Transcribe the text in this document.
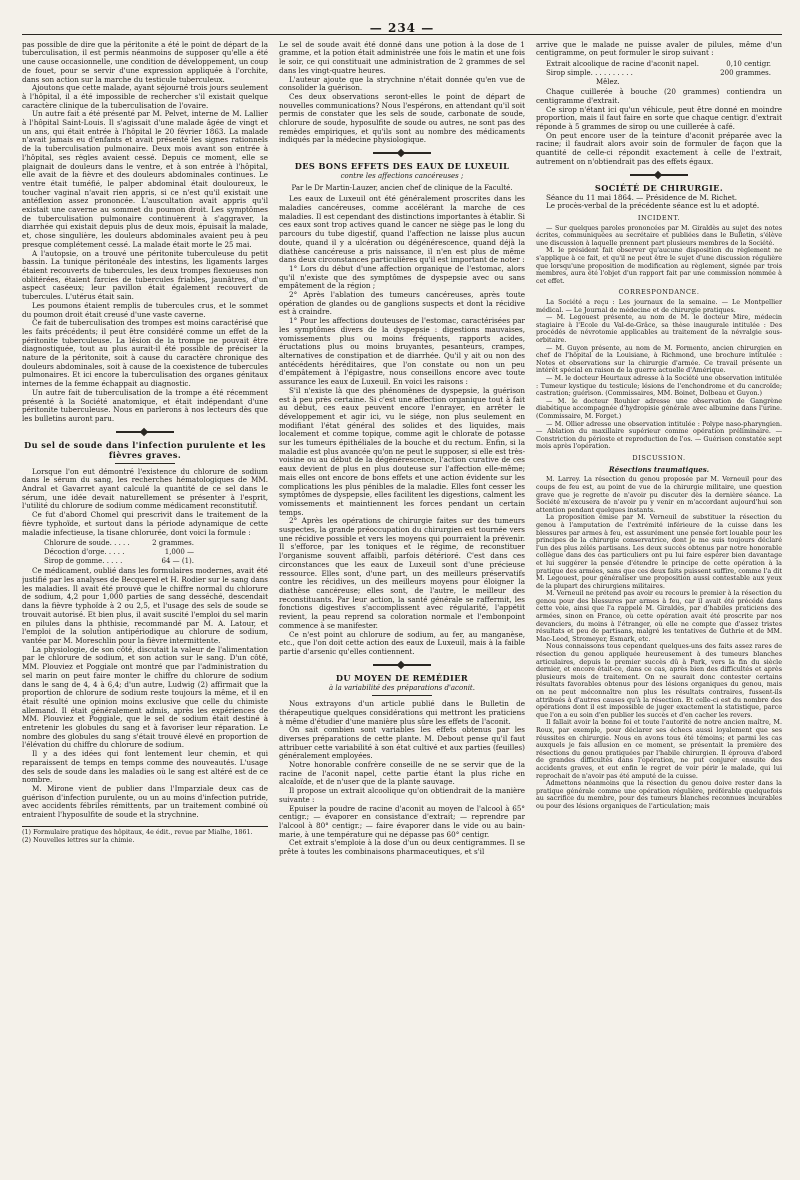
— 234 —

pas possible de dire que la péritonite a été le point de départ de la tuberculisation, il est permis néanmoins de supposer qu'elle a été une cause occasionnelle, une condition de développement, un coup de fouet, pour se servir d'une expression appliquée à l'orchite, dans son action sur la marche du testicule tuberculeux.

Ajoutons que cette malade, ayant séjourné trois jours seulement à l'hôpital, il a été impossible de rechercher s'il existait quelque caractère clinique de la tuberculisation de l'ovaire.

Un autre fait a été présenté par M. Pelvet, interne de M. Lallier à l'hôpital Saint-Louis. Il s'agissait d'une malade âgée de vingt et un ans, qui était entrée à l'hôpital le 20 février 1863. La malade n'avait jamais eu d'enfants et avait présenté les signes rationnels de la tuberculisation pulmonaire. Deux mois avant son entrée à l'hôpital, ses règles avaient cessé. Depuis ce moment, elle se plaignait de douleurs dans le ventre, et à son entrée à l'hôpital, elle avait de la fièvre et des douleurs abdominales continues. Le ventre était tuméfié, le palper abdominal était douloureux, le toucher vaginal n'avait rien appris, si ce n'est qu'il existait une antéflexion assez prononcée. L'auscultation avait appris qu'il existait une caverne au sommet du poumon droit. Les symptômes de tuberculisation pulmonaire continuèrent à s'aggraver, la diarrhée qui existait depuis plus de deux mois, épuisait la malade, et, chose singulière, les douleurs abdominales avaient peu à peu presque complétement cessé. La malade était morte le 25 mai.

A l'autopsie, on a trouvé une péritonite tuberculeuse du petit bassin. La tunique péritonéale des intestins, les ligaments larges étaient recouverts de tubercules, les deux trompes flexueuses non oblitérées, étaient farcies de tubercules friables, jaunâtres, d'un aspect caséeux; leur pavillon était également recouvert de tubercules. L'utérus était sain.

Les poumons étaient remplis de tubercules crus, et le sommet du poumon droit était creusé d'une vaste caverne.

Ce fait de tuberculisation des trompes est moins caractérisé que les faits précédents; il peut être considéré comme un effet de la péritonite tuberculeuse. La lésion de la trompe ne pouvait être diagnostiquée, tout au plus aurait-il été possible de préciser la nature de la péritonite, soit à cause du caractère chronique des douleurs abdominales, soit à cause de la coexistence de tubercules pulmonaires. Et ici encore la tuberculisation des organes génitaux internes de la femme échappait au diagnostic.

Un autre fait de tuberculisation de la trompe a été récemment présenté à la Société anatomique, et était indépendant d'une péritonite tuberculeuse. Nous en parlerons à nos lecteurs dès que les bulletins auront paru.

Du sel de soude dans l'infection purulente et les fièvres graves.

Lorsque l'on eut démontré l'existence du chlorure de sodium dans le sérum du sang, les recherches hématologiques de MM. Andral et Gavarret ayant calculé la quantité de ce sel dans le sérum, une idée devait naturellement se présenter à l'esprit, l'utilité du chlorure de sodium comme médicament reconstitutif.

Ce fut d'abord Chomel qui prescrivit dans le traitement de la fièvre typhoïde, et surtout dans la période adynamique de cette maladie infectieuse, la tisane chlorurée, dont voici la formule :

Chlorure de soude. . . . .	2 grammes.
Décoction d'orge. . . . .	1,000 —
Sirop de gomme. . . . .	64 — (1).

Ce médicament, oublié dans les formulaires modernes, avait été justifié par les analyses de Becquerel et H. Rodier sur le sang dans les maladies. Il avait été prouvé que le chiffre normal du chlorure de sodium, 4,2 pour 1,000 parties de sang desséché, descendait dans la fièvre typhoïde à 2 ou 2,5, et l'usage des sels de soude se trouvait autorisé. Et bien plus, il avait suscité l'emploi du sel marin en pilules dans la phthisie, recommandé par M. A. Latour, et l'emploi de la solution antipériodique au chlorure de sodium, vantée par M. Moreschlin pour la fièvre intermittente.

La physiologie, de son côté, discutait la valeur de l'alimentation par le chlorure de sodium, et son action sur le sang. D'un côté, MM. Plouviez et Poggiale ont montré que par l'administration du sel marin on peut faire monter le chiffre du chlorure de sodium dans le sang de 4, 4 à 6,4; d'un autre, Ludwig (2) affirmait que la proportion de chlorure de sodium reste toujours la même, et il en était résulté une opinion moins exclusive que celle du chimiste allemand. Il était généralement admis, après les expériences de MM. Plouviez et Poggiale, que le sel de sodium était destiné à entretenir les globules du sang et à favoriser leur réparation. Le nombre des globules du sang s'était trouvé élevé en proportion de l'élévation du chiffre du chlorure de sodium.

Il y a des idées qui font lentement leur chemin, et qui reparaissent de temps en temps comme des nouveautés. L'usage des sels de soude dans les maladies où le sang est altéré est de ce nombre.

M. Mirone vient de publier dans l'Imparziale deux cas de guérison d'infection purulente, ou un au moins d'infection putride, avec accidents fébriles rémittents, par un traitement combiné où entraient l'hyposulfite de soude et la strychnine.

(1) Formulaire pratique des hôpitaux, 4e édit., revue par Mialhe, 1861.
(2) Nouvelles lettres sur la chimie.

Le sel de soude avait été donné dans une potion à la dose de 1 gramme, et la potion était administrée une fois le matin et une fois le soir, ce qui constituait une administration de 2 grammes de sel dans les vingt-quatre heures.

L'auteur ajoute que la strychnine n'était donnée qu'en vue de consolider la guérison.

Ces deux observations seront-elles le point de départ de nouvelles communications? Nous l'espérons, en attendant qu'il soit permis de constater que les sels de soude, carbonate de soude, chlorure de soude, hyposulfite de soude ou autres, ne sont pas des remèdes empiriques, et qu'ils sont au nombre des médicaments indiqués par la médecine physiologique.

DES BONS EFFETS DES EAUX DE LUXEUIL
contre les affections cancéreuses ;
Par le Dr Martin-Lauzer, ancien chef de clinique de la Faculté.

Les eaux de Luxeuil ont été généralement proscrites dans les maladies cancéreuses, comme accélérant la marche de ces maladies. Il est cependant des distinctions importantes à établir. Si ces eaux sont trop actives quand le cancer ne siège pas le long du parcours du tube digestif, quand l'affection ne laisse plus aucun doute, quand il y a ulcération ou dégénérescence, quand déjà la diathèse cancéreuse a pris naissance, il n'en est plus de même dans deux circonstances particulières qu'il est important de noter :

1° Lors du début d'une affection organique de l'estomac, alors qu'il n'existe que des symptômes de dyspepsie avec ou sans empâtement de la région ;

2° Après l'ablation des tumeurs cancéreuses, après toute opération de glandes ou de ganglions suspects et dont la récidive est à craindre.

1° Pour les affections douteuses de l'estomac, caractérisées par les symptômes divers de la dyspepsie : digestions mauvaises, vomissements plus ou moins fréquents, rapports acides, éructations plus ou moins bruyantes, pesanteurs, crampes, alternatives de constipation et de diarrhée. Qu'il y ait ou non des antécédents héréditaires, que l'on constate ou non un peu d'empâtement à l'épigastre, nous conseillons encore avec toute assurance les eaux de Luxeuil. En voici les raisons :

S'il n'existe là que des phénomènes de dyspepsie, la guérison est à peu près certaine. Si c'est une affection organique tout à fait au début, ces eaux peuvent encore l'enrayer, en arrêter le développement et agir ici, vu le siége, non plus seulement en modifiant l'état général des solides et des liquides, mais localement et comme topique, comme agit le chlorate de potasse sur les tumeurs épithéliales de la bouche et du rectum. Enfin, si la maladie est plus avancée qu'on ne peut le supposer, si elle est très-voisine ou au début de la dégénérescence, l'action curative de ces eaux devient de plus en plus douteuse sur l'affection elle-même; mais elles ont encore de bons effets et une action évidente sur les complications les plus pénibles de la maladie. Elles font cesser les symptômes de dyspepsie, elles facilitent les digestions, calment les vomissements et maintiennent les forces pendant un certain temps.

2° Après les opérations de chirurgie faites sur des tumeurs suspectes, la grande préoccupation du chirurgien est tournée vers une récidive possible et vers les moyens qui pourraient la prévenir. Il s'efforce, par les toniques et le régime, de reconstituer l'organisme souvent affaibli, parfois détérioré. C'est dans ces circonstances que les eaux de Luxeuil sont d'une précieuse ressource. Elles sont, d'une part, un des meilleurs préservatifs contre les récidives, un des meilleurs moyens pour éloigner la diathèse cancéreuse; elles sont, de l'autre, le meilleur des reconstituants. Par leur action, la santé générale se raffermit, les fonctions digestives s'accomplissent avec régularité, l'appétit revient, la peau reprend sa coloration normale et l'embonpoint commence à se manifester.

Ce n'est point au chlorure de sodium, au fer, au manganèse, etc., que l'on doit cette action des eaux de Luxeuil, mais à la faible partie d'arsenic qu'elles contiennent.

DU MOYEN DE REMÉDIER
à la variabilité des préparations d'aconit.

Nous extrayons d'un article publié dans le Bulletin de thérapeutique quelques considérations qui mettront les praticiens à même d'étudier d'une manière plus sûre les effets de l'aconit.

On sait combien sont variables les effets obtenus par les diverses préparations de cette plante. M. Debout pense qu'il faut attribuer cette variabilité à son état cultivé et aux parties (feuilles) généralement employées.

Notre honorable confrère conseille de ne se servir que de la racine de l'aconit napel, cette partie étant la plus riche en alcaloïde, et de n'user que de la plante sauvage.

Il propose un extrait alcoolique qu'on obtiendrait de la manière suivante :

Epuiser la poudre de racine d'aconit au moyen de l'alcool à 65° centigr.; — évaporer en consistance d'extrait; — reprendre par l'alcool à 80° centigr.; — faire évaporer dans le vide ou au bain-marie, à une température qui ne dépasse pas 60° centigr.

Cet extrait s'emploie à la dose d'un ou deux centigrammes. Il se prête à toutes les combinaisons pharmaceutiques, et s'il

arrive que le malade ne puisse avaler de pilules, même d'un centigramme, on peut formuler le sirop suivant :

Extrait alcoolique de racine d'aconit napel.	0,10 centigr.
Sirop simple. . . . . . . . . .	200 grammes.
Mêlez.

Chaque cuillerée à bouche (20 grammes) contiendra un centigramme d'extrait.

Ce sirop n'étant ici qu'un véhicule, peut être donné en moindre proportion, mais il faut faire en sorte que chaque centigr. d'extrait réponde à 5 grammes de sirop ou une cuillerée à café.

On peut encore user de la teinture d'aconit préparée avec la racine; il faudrait alors avoir soin de formuler de façon que la quantité de celle-ci répondit exactement à celle de l'extrait, autrement on n'obtiendrait pas des effets égaux.

SOCIÉTÉ DE CHIRURGIE.

Séance du 11 mai 1864. — Présidence de M. Richet.

Le procès-verbal de la précédente séance est lu et adopté.

INCIDENT.

— Sur quelques paroles prononcées par M. Giraldès au sujet des notes écrites, communiquées au secrétaire et publiées dans le Bulletin, s'élève une discussion à laquelle prennent part plusieurs membres de la Société.

M. le président fait observer qu'aucune disposition du règlement ne s'applique à ce fait, et qu'il ne peut être le sujet d'une discussion régulière que lorsqu'une proposition de modification au règlement, signée par trois membres, aura été l'objet d'un rapport fait par une commission nommée à cet effet.

CORRESPONDANCE.

La Société a reçu : Les journaux de la semaine. — Le Montpellier médical. — Le Journal de médecine et de chirurgie pratiques.

— M. Legouest présente, au nom de M. le docteur Mire, médecin stagiaire à l'Ecole du Val-de-Grâce, sa thèse inaugurale intitulée : Des procédés de névrotomie applicables au traitement de la névralgie sous-orbitaire.

— M. Guyon présente, au nom de M. Formento, ancien chirurgien en chef de l'hôpital de la Louisiane, à Richmond, une brochure intitulée : Notes et observations sur la chirurgie d'armée. Ce travail présente un intérêt spécial en raison de la guerre actuelle d'Amérique.

— M. le docteur Heurtaux adresse à la Société une observation intitulée : Tumeur kystique du testicule; lésions de l'enchondrome et du cancroïde; castration; guérison. (Commissaires, MM. Boinet, Dolbeau et Guyon.)

— M. le docteur Rouhier adresse une observation de Gangrène diabétique accompagnée d'hydropisie générale avec albumine dans l'urine. (Commissaire, M. Forget.)

— M. Ollier adresse une observation intitulée : Polype naso-pharyngien. — Ablation du maxillaire supérieur comme opération préliminaire. — Constriction du périoste et reproduction de l'os. — Guérison constatée sept mois après l'opération.

DISCUSSION.
Résections traumatiques.

M. Larrey. La résection du genou proposée par M. Verneuil pour des coups de feu est, au point de vue de la chirurgie militaire, une question grave que je regrette de n'avoir pu discuter dès la dernière séance. La Société m'excusera de n'avoir pu y venir en m'accordant aujourd'hui son attention pendant quelques instants.

La proposition émise par M. Verneuil de substituer la résection du genou à l'amputation de l'extrémité inférieure de la cuisse dans les blessures par armes à feu, est assurément une pensée fort louable pour les principes de la chirurgie conservatrice, dont je me suis toujours déclaré l'un des plus zélés partisans. Les deux succès obtenus par notre honorable collègue dans des cas particuliers ont pu lui faire espérer bien davantage et lui suggérer la pensée d'étendre le principe de cette opération à la pratique des armées, sans que ces deux faits puissent suffire, comme l'a dit M. Legouest, pour généraliser une proposition aussi contestable aux yeux de la plupart des chirurgiens militaires.

M. Verneuil ne prétend pas avoir eu recours le premier à la résection du genou pour des blessures par armes à feu, car il avait été précédé dans cette voie, ainsi que l'a rappelé M. Giraldès, par d'habiles praticiens des armées, sinon en France, où cette opération avait été proscrite par nos devanciers, du moins à l'étranger, où elle ne compte que d'assez tristes résultats et peu de partisans, malgré les tentatives de Guthrie et de MM. Mac-Leod, Stromeyer, Esmark, etc.

Nous connaissons tous cependant quelques-uns des faits assez rares de résection du genou appliquée heureusement à des tumeurs blanches articulaires, depuis le premier succès dû à Park, vers la fin du siècle dernier, et encore était-ce, dans ce cas, après bien des difficultés et après plusieurs mois de traitement. On ne saurait donc contester certains résultats favorables obtenus pour des lésions organiques du genou, mais on ne peut méconnaître non plus les résultats contraires, fussent-ils attribués à d'autres causes qu'à la résection. Et celle-ci est du nombre des opérations dont il est impossible de juger exactement la statistique, parce que l'on a eu soin d'en publier les succès et d'en cacher les revers.

Il fallait avoir la bonne foi et toute l'autorité de notre ancien maître, M. Roux, par exemple, pour déclarer ses échecs aussi loyalement que ses réussites en chirurgie. Nous en avons tous été témoins; et parmi les cas auxquels je fais allusion en ce moment, se présentait la première des résections du genou pratiquées par l'habile chirurgien. Il éprouva d'abord de grandes difficultés dans l'opération, ne put conjurer ensuite des accidents graves, et eut enfin le regret de voir périr le malade, qui lui reprochait de n'avoir pas été amputé de la cuisse.

Admettons néanmoins que la résection du genou doive rester dans la pratique générale comme une opération régulière, préférable quelquefois au sacrifice du membre, pour des tumeurs blanches reconnues incurables ou pour des lésions organiques de l'articulation; mais
